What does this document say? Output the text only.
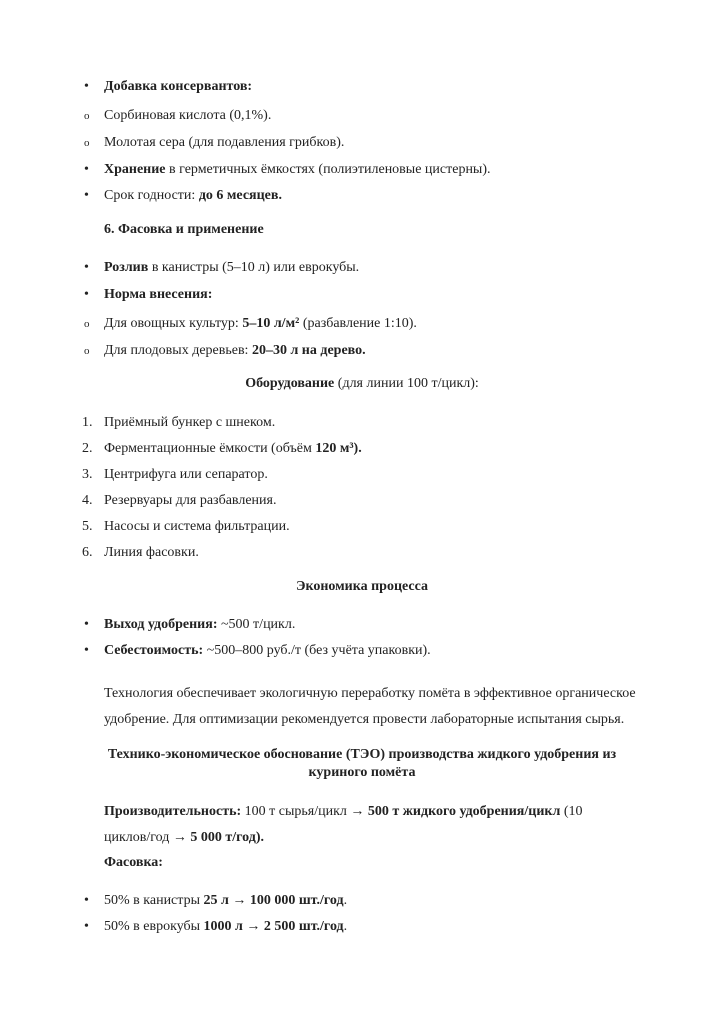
• Добавка консервантов:
o Сорбиновая кислота (0,1%).
o Молотая сера (для подавления грибков).
• Хранение в герметичных ёмкостях (полиэтиленовые цистерны).
• Срок годности: до 6 месяцев.
6. Фасовка и применение
• Розлив в канистры (5–10 л) или еврокубы.
• Норма внесения:
o Для овощных культур: 5–10 л/м² (разбавление 1:10).
o Для плодовых деревьев: 20–30 л на дерево.
Оборудование (для линии 100 т/цикл):
1. Приёмный бункер с шнеком.
2. Ферментационные ёмкости (объём 120 м³).
3. Центрифуга или сепаратор.
4. Резервуары для разбавления.
5. Насосы и система фильтрации.
6. Линия фасовки.
Экономика процесса
• Выход удобрения: ~500 т/цикл.
• Себестоимость: ~500–800 руб./т (без учёта упаковки).
Технология обеспечивает экологичную переработку помёта в эффективное органическое
удобрение. Для оптимизации рекомендуется провести лабораторные испытания сырья.
Технико-экономическое обоснование (ТЭО) производства жидкого удобрения из
куриного помёта
Производительность: 100 т сырья/цикл → 500 т жидкого удобрения/цикл (10
циклов/год → 5 000 т/год).
Фасовка:
• 50% в канистры 25 л → 100 000 шт./год.
• 50% в еврокубы 1000 л → 2 500 шт./год.
